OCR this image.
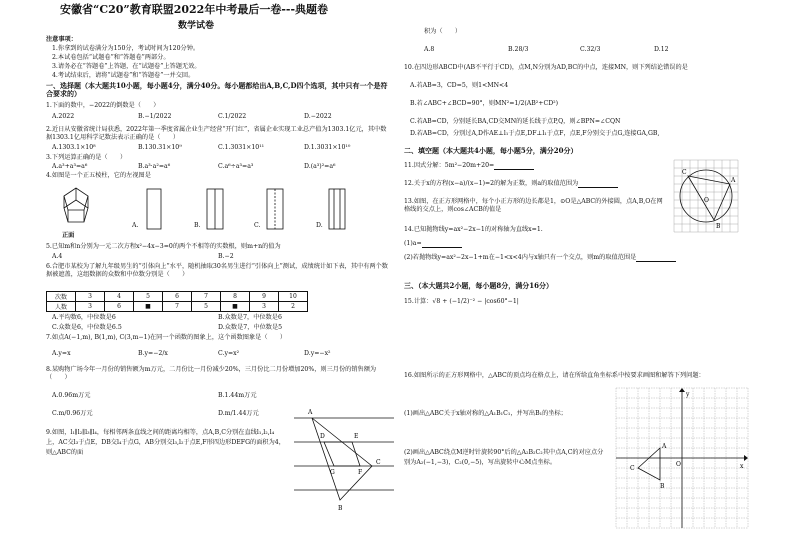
安徽省“C20”教育联盟2022年中考最后一卷---典题卷
数学试卷
注意事项：
1.你拿到的试卷满分为150分，考试时间为120分钟。
2.本试卷包括“试题卷”和“答题卷”两部分。
3.请务必在“答题卷”上答题，在“试题卷”上答题无效。
4.考试结束后，请将“试题卷”和“答题卷”一并交回。
一、选择题（本大题共10小题，每小题4分，满分40分。每小题都给出A,B,C,D四个选项，其中只有一个是符合要求的）
1.下面的数中，−2022的倒数是（　　）
A.2022	B.−1/2022	C.1/2022	D.−2022
2.近日从安徽省统计局获悉，2022年第一季度省属企业生产经营“开门红”，省属企业实现工业总产值为1303.1亿元，其中数据1303.1亿用科学记数法表示正确的是（　　）
A.1303.1×10⁸	B.130.31×10⁹	C.1.3031×10¹¹	D.1.3031×10¹⁰
3.下列运算正确的是（　　）
A.a³+a³=a⁶	B.a³·a²=a⁶	C.a⁶÷a³=a³	D.(a³)²=a⁶
4.如图是一个正五棱柱，它的左视图是
正面
A.	B.	C.	D.
5.已知m和n分别为一元二次方程x²−4x−3=0的两个不相等的实数根，则m+n的值为
A.4	B.−2
6.合肥市某校为了解九年级男生的“引体向上”水平，随机抽取30名男生进行“引体向上”测试，成绩统计如下表，其中有两个数据被遮盖，这组数据的众数和中位数分别是（　　）
次数	3	4	5	6	7	8	9	10
人数	3	6	■	7	5	■	3	2
A.平均数6，中位数是6	B.众数是7，中位数是6
C.众数是6，中位数是6.5	D.众数是7，中位数是5
7.如点A(−1,m), B(1,m), C(3,m−1)在同一个函数的图象上，这个函数图象是（　　）
A.y=x	B.y=−2/x	C.y=x²	D.y=−x²
8.某购物广场今年一月份的销售额为m万元，二月份比一月份减少20%，三月份比二月份增加20%，则三月份的销售额为（　　）
A.0.96m万元	B.1.44m万元
C.m/0.96万元	D.m/1.44万元
9.如图，l₁∥l₂∥l₃∥l₄，每相邻两条直线之间的距离均相等，点A,B,C分别在直线l₁,l₂,l₄上，AC交l₃于点E，DB交l₄于点G，AB分别交l₃,l₂于点E,F形四边形DEFG的面积为4，则△ABC的面
A
D	E
G	F
C
B
积为（　　）
A.8	B.28/3	C.32/3	D.12
10.在四边形ABCD中(AB不平行于CD)，点M,N分别为AD,BC的中点，连接MN，则下列结论错误的是
A.若AB=3，CD=5，则1<MN<4
B.若∠ABC+∠BCD=90°，则MN²=1/2(AB²+CD²)
C.若AB=CD，分别延长BA,CD交MN的延长线于点P,Q，则∠BPN=∠CQN
D.若AB=CD，分别过A,D作AE⊥l₁于点E,DF⊥l₁于点F，点E,F分别交于点G,连接GA,GB,
二、填空题（本大题共4小题，每小题5分，满分20分）
11.因式分解：5m²−20m+20=
12.关于x的方程(x−a)/(x−1)=2的解为正数，则a的取值范围为
13.如图，在正方形网格中，每个小正方形的边长都是1，⊙O是△ABC的外接圆，点A,B,O在网格线的交点上，则cos∠ACB的值是
14.已知抛物线y=ax²−2x−1的对称轴为直线x=1.
(1)a=
(2)若抛物线y=ax²−2x−1+m在−1<x<4内与x轴只有一个交点，则m的取值范围是
C
A
O
B
三、（本大题共2小题，每小题8分，满分16分）
15.计算：√8 + (−1/2)⁻² − |cos60°−1|
16.如图所示的正方形网格中，△ABC的顶点均在格点上，请在所给直角坐标系中按要求画图和解答下列问题：
(1)画出△ABC关于x轴对称的△A₁B₁C₁，并写出B₁的坐标；
(2)画出△ABC绕点M逆时针旋转90°后的△A₂B₂C₂其中点A,C的对应点分别为A₂(−1,−3)，C₂(0,−5)，写出旋转中心M点坐标。
y
x
O
A
C
B
